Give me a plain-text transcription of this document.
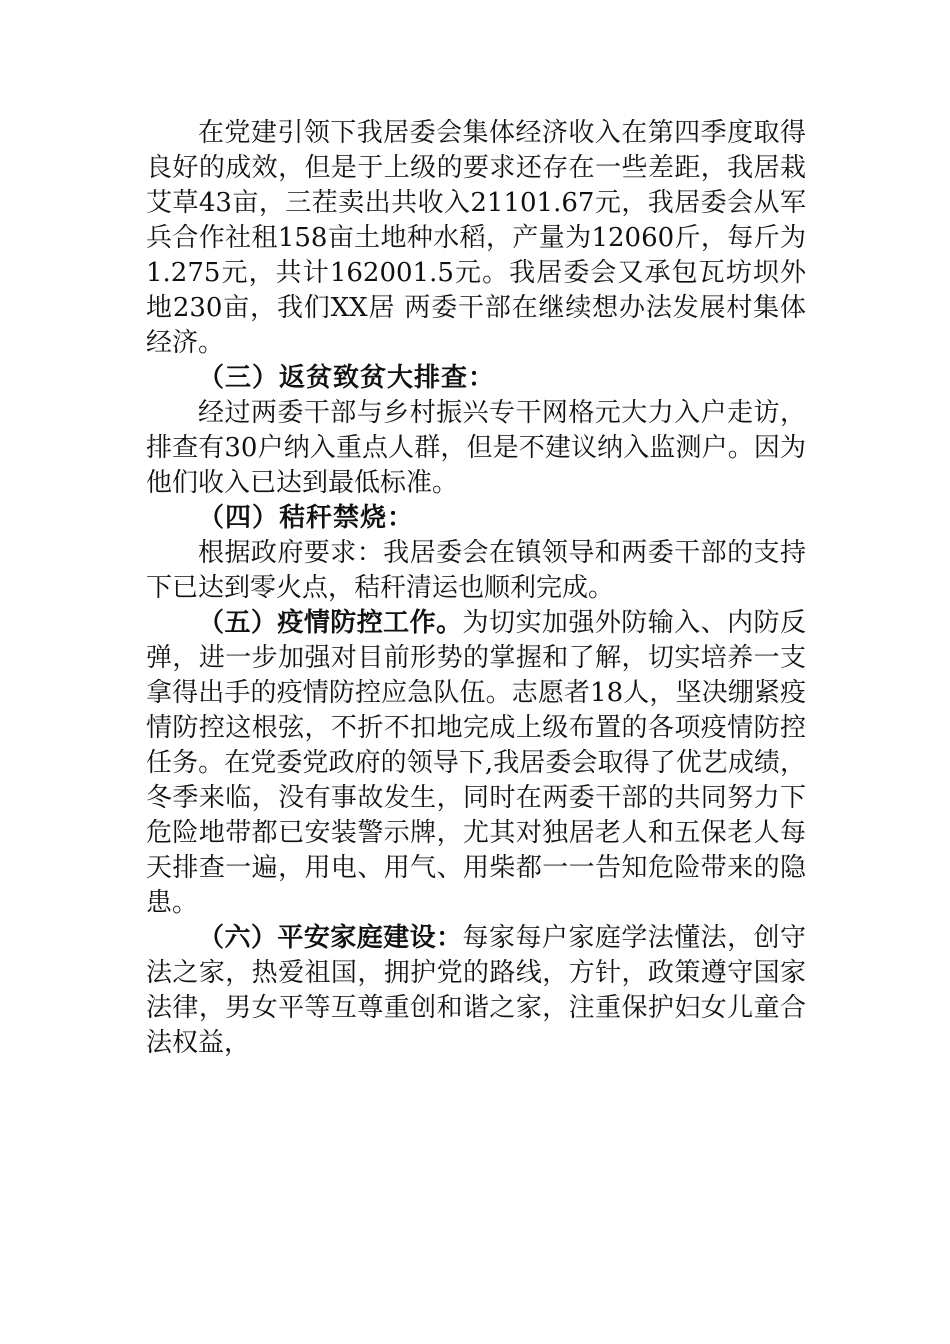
在党建引领下我居委会集体经济收入在第四季度取得良好的成效，但是于上级的要求还存在一些差距，我居栽艾草43亩，三茬卖出共收入21101.67元，我居委会从军兵合作社租158亩土地种水稻，产量为12060斤，每斤为1.275元，共计162001.5元。我居委会又承包瓦坊坝外地230亩，我们XX居 两委干部在继续想办法发展村集体经济。

（三）返贫致贫大排查：

经过两委干部与乡村振兴专干网格元大力入户走访，排查有30户纳入重点人群，但是不建议纳入监测户。因为他们收入已达到最低标准。

（四）秸秆禁烧：

根据政府要求：我居委会在镇领导和两委干部的支持下已达到零火点，秸秆清运也顺利完成。

（五）疫情防控工作。为切实加强外防输入、内防反弹，进一步加强对目前形势的掌握和了解，切实培养一支拿得出手的疫情防控应急队伍。志愿者18人，坚决绷紧疫情防控这根弦，不折不扣地完成上级布置的各项疫情防控任务。在党委党政府的领导下,我居委会取得了优艺成绩，冬季来临，没有事故发生，同时在两委干部的共同努力下危险地带都已安装警示牌，尤其对独居老人和五保老人每天排查一遍，用电、用气、用柴都一一告知危险带来的隐患。

（六）平安家庭建设：每家每户家庭学法懂法，创守法之家，热爱祖国，拥护党的路线，方针，政策遵守国家法律，男女平等互尊重创和谐之家，注重保护妇女儿童合法权益，
